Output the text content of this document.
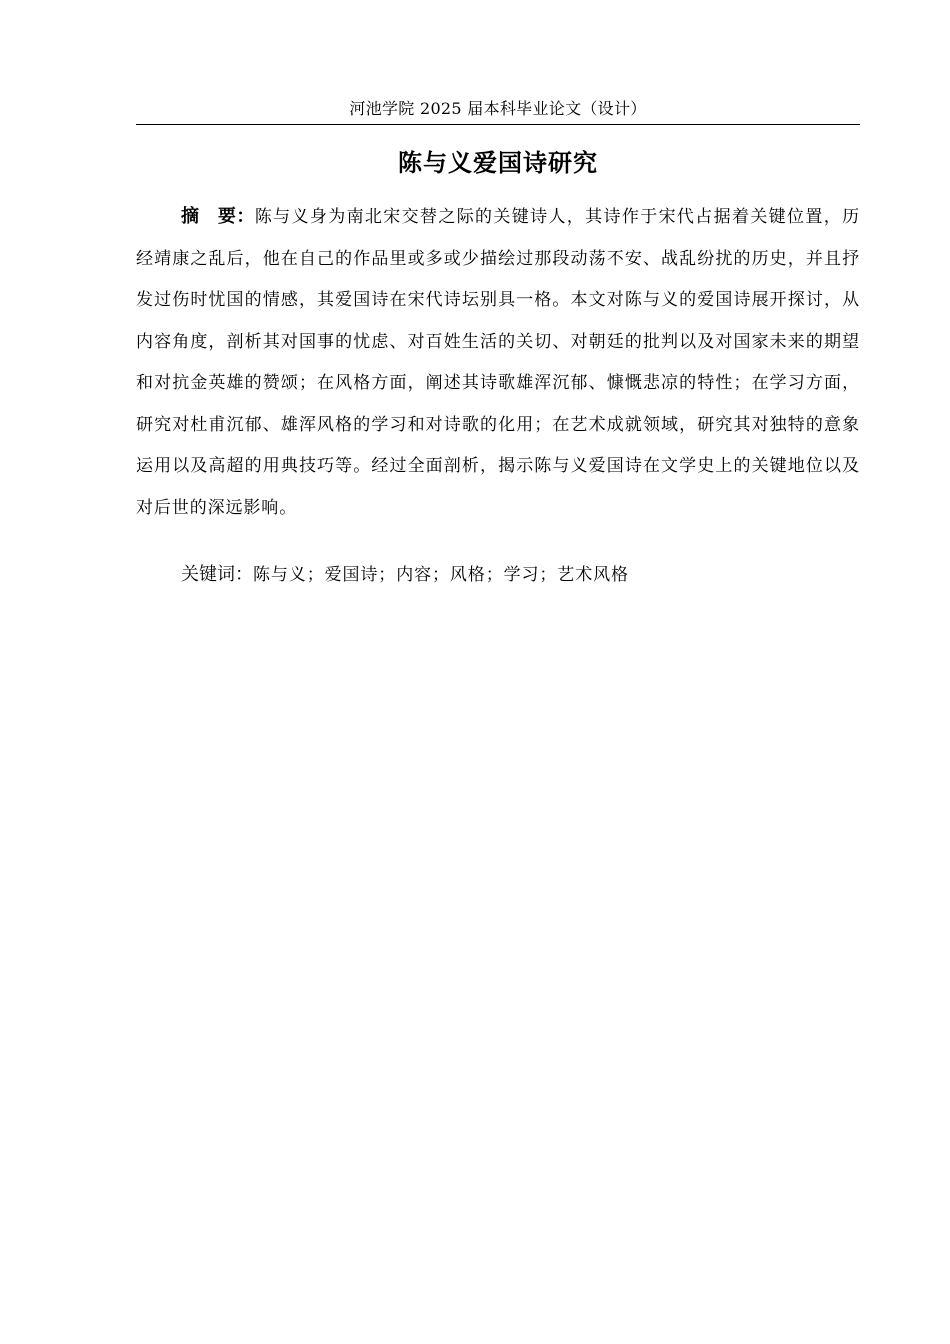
河池学院 2025 届本科毕业论文（设计）
陈与义爱国诗研究

摘　要：陈与义身为南北宋交替之际的关键诗人，其诗作于宋代占据着关键位置，历经靖康之乱后，他在自己的作品里或多或少描绘过那段动荡不安、战乱纷扰的历史，并且抒发过伤时忧国的情感，其爱国诗在宋代诗坛别具一格。本文对陈与义的爱国诗展开探讨，从内容角度，剖析其对国事的忧虑、对百姓生活的关切、对朝廷的批判以及对国家未来的期望和对抗金英雄的赞颂；在风格方面，阐述其诗歌雄浑沉郁、慷慨悲凉的特性；在学习方面，研究对杜甫沉郁、雄浑风格的学习和对诗歌的化用；在艺术成就领域，研究其对独特的意象运用以及高超的用典技巧等。经过全面剖析，揭示陈与义爱国诗在文学史上的关键地位以及对后世的深远影响。

关键词：陈与义；爱国诗；内容；风格；学习；艺术风格
